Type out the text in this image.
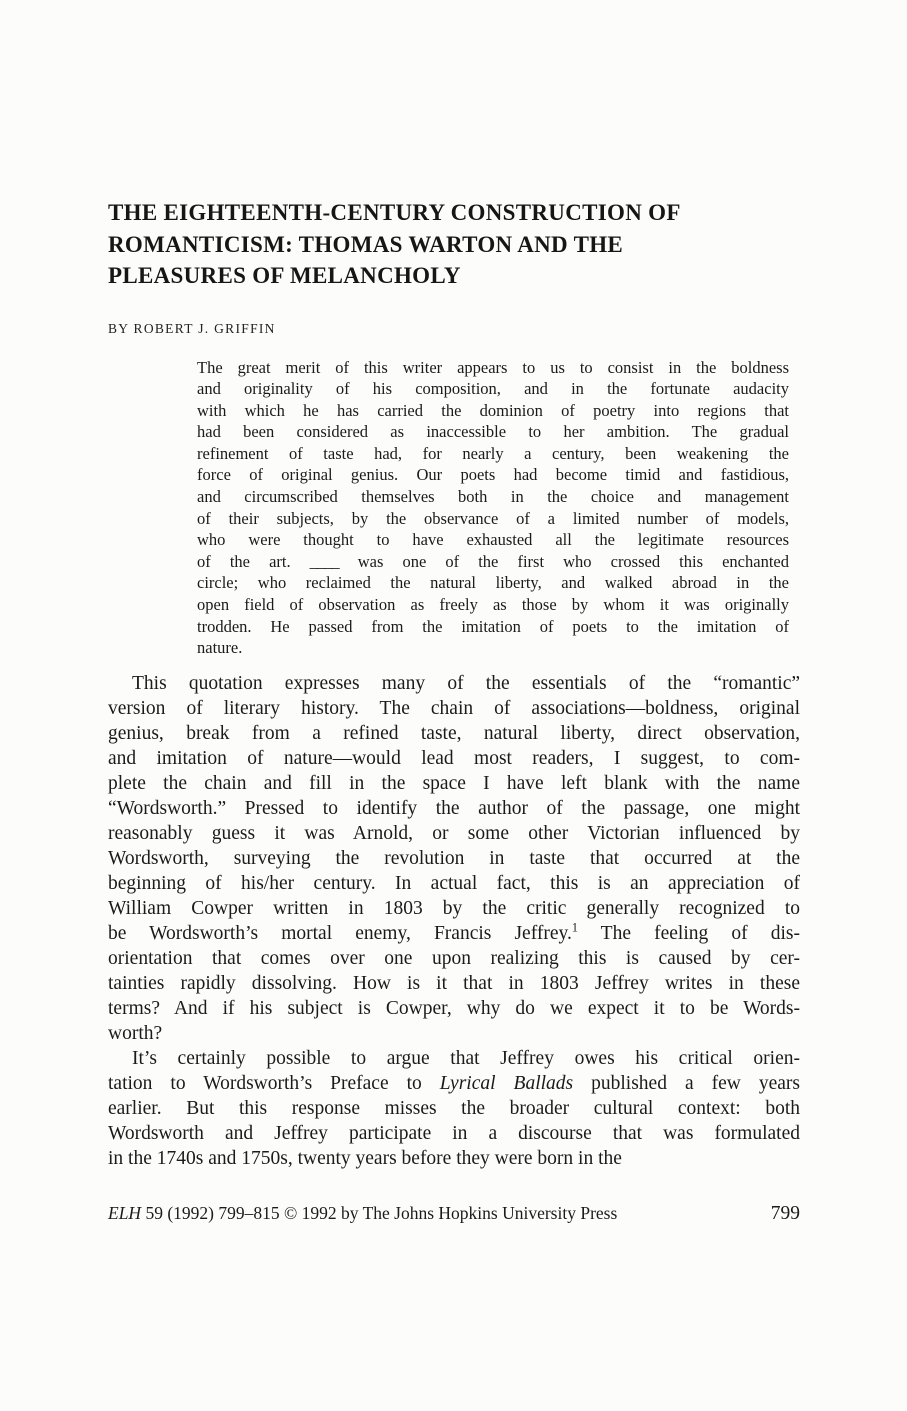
THE EIGHTEENTH-CENTURY CONSTRUCTION OF
ROMANTICISM: THOMAS WARTON AND THE
PLEASURES OF MELANCHOLY
BY ROBERT J. GRIFFIN
The great merit of this writer appears to us to consist in the boldness
and originality of his composition, and in the fortunate audacity
with which he has carried the dominion of poetry into regions that
had been considered as inaccessible to her ambition. The gradual
refinement of taste had, for nearly a century, been weakening the
force of original genius. Our poets had become timid and fastidious,
and circumscribed themselves both in the choice and management
of their subjects, by the observance of a limited number of models,
who were thought to have exhausted all the legitimate resources
of the art. ____ was one of the first who crossed this enchanted
circle; who reclaimed the natural liberty, and walked abroad in the
open field of observation as freely as those by whom it was originally
trodden. He passed from the imitation of poets to the imitation of
nature.
This quotation expresses many of the essentials of the “romantic”
version of literary history. The chain of associations—boldness, original
genius, break from a refined taste, natural liberty, direct observation,
and imitation of nature—would lead most readers, I suggest, to com-
plete the chain and fill in the space I have left blank with the name
“Wordsworth.” Pressed to identify the author of the passage, one might
reasonably guess it was Arnold, or some other Victorian influenced by
Wordsworth, surveying the revolution in taste that occurred at the
beginning of his/her century. In actual fact, this is an appreciation of
William Cowper written in 1803 by the critic generally recognized to
be Wordsworth’s mortal enemy, Francis Jeffrey.$^1$ The feeling of dis-
orientation that comes over one upon realizing this is caused by cer-
tainties rapidly dissolving. How is it that in 1803 Jeffrey writes in these
terms? And if his subject is Cowper, why do we expect it to be Words-
worth?
It’s certainly possible to argue that Jeffrey owes his critical orien-
tation to Wordsworth’s Preface to Lyrical Ballads published a few years
earlier. But this response misses the broader cultural context: both
Wordsworth and Jeffrey participate in a discourse that was formulated
in the 1740s and 1750s, twenty years before they were born in the
ELH 59 (1992) 799–815 © 1992 by The Johns Hopkins University Press	799
